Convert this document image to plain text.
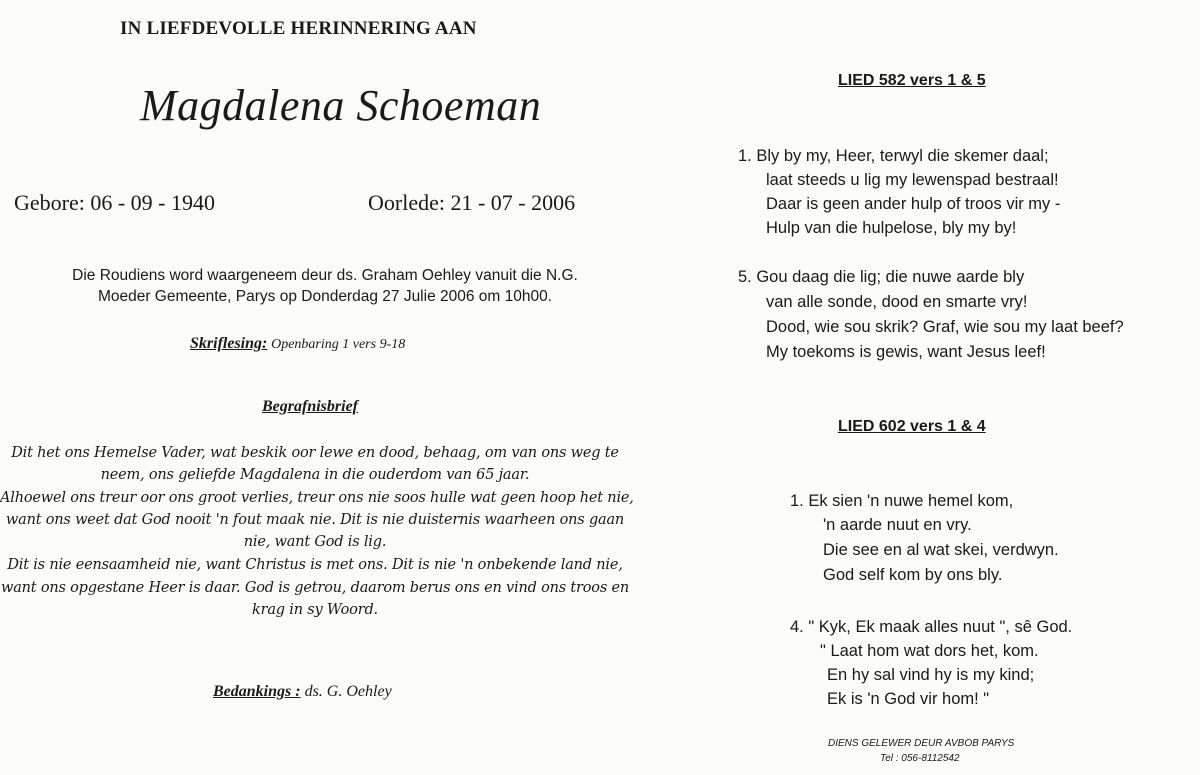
IN LIEFDEVOLLE HERINNERING AAN
Magdalena Schoeman
Gebore: 06 - 09 - 1940	Oorlede: 21 - 07 - 2006
Die Roudiens word waargeneem deur ds. Graham Oehley vanuit die N.G.
Moeder Gemeente, Parys op Donderdag 27 Julie 2006 om 10h00.
Skriflesing: Openbaring 1 vers 9-18
Begrafnisbrief
Dit het ons Hemelse Vader, wat beskik oor lewe en dood, behaag, om van ons weg te
neem, ons geliefde Magdalena in die ouderdom van 65 jaar.
Alhoewel ons treur oor ons groot verlies, treur ons nie soos hulle wat geen hoop het nie,
want ons weet dat God nooit 'n fout maak nie. Dit is nie duisternis waarheen ons gaan
nie, want God is lig.
Dit is nie eensaamheid nie, want Christus is met ons. Dit is nie 'n onbekende land nie,
want ons opgestane Heer is daar. God is getrou, daarom berus ons en vind ons troos en
krag in sy Woord.
Bedankings : ds. G. Oehley
LIED 582 vers 1 & 5
1. Bly by my, Heer, terwyl die skemer daal;
laat steeds u lig my lewenspad bestraal!
Daar is geen ander hulp of troos vir my -
Hulp van die hulpelose, bly my by!
5. Gou daag die lig; die nuwe aarde bly
van alle sonde, dood en smarte vry!
Dood, wie sou skrik? Graf, wie sou my laat beef?
My toekoms is gewis, want Jesus leef!
LIED 602 vers 1 & 4
1. Ek sien 'n nuwe hemel kom,
'n aarde nuut en vry.
Die see en al wat skei, verdwyn.
God self kom by ons bly.
4. " Kyk, Ek maak alles nuut ", sê God.
" Laat hom wat dors het, kom.
En hy sal vind hy is my kind;
Ek is 'n God vir hom! "
DIENS GELEWER DEUR AVBOB PARYS
Tel : 056-8112542
